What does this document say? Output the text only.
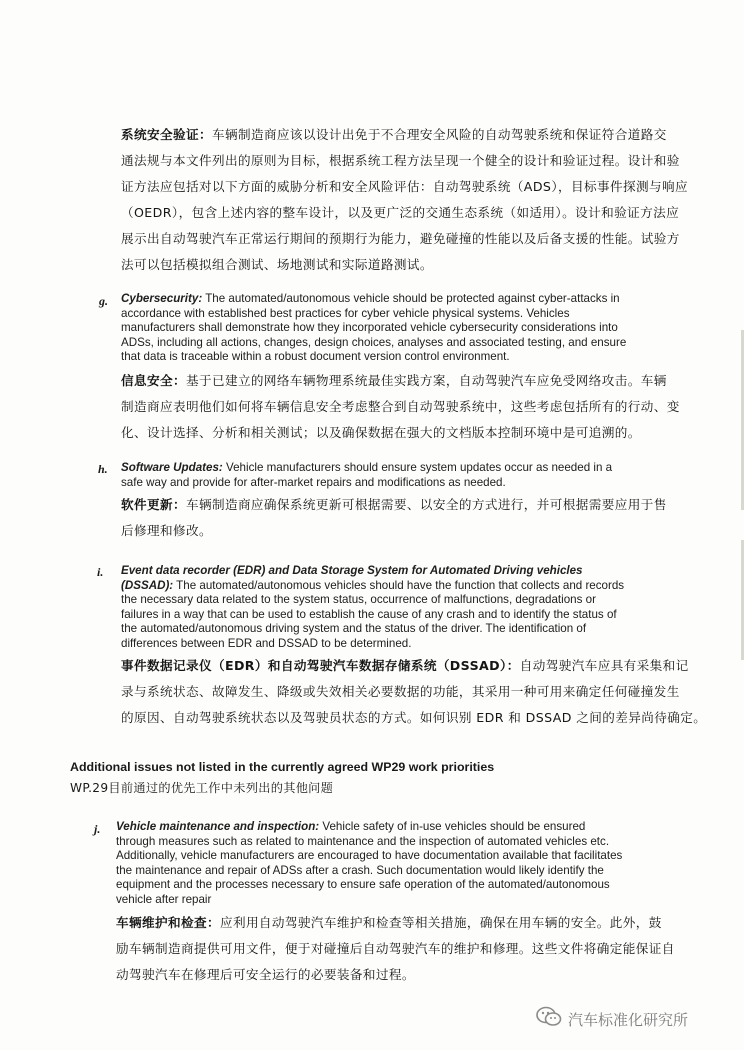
系统安全验证：车辆制造商应该以设计出免于不合理安全风险的自动驾驶系统和保证符合道路交
通法规与本文件列出的原则为目标，根据系统工程方法呈现一个健全的设计和验证过程。设计和验
证方法应包括对以下方面的威胁分析和安全风险评估：自动驾驶系统（ADS），目标事件探测与响应
（OEDR），包含上述内容的整车设计，以及更广泛的交通生态系统（如适用）。设计和验证方法应
展示出自动驾驶汽车正常运行期间的预期行为能力，避免碰撞的性能以及后备支援的性能。试验方
法可以包括模拟组合测试、场地测试和实际道路测试。
g. Cybersecurity: The automated/autonomous vehicle should be protected against cyber-attacks in
accordance with established best practices for cyber vehicle physical systems. Vehicles
manufacturers shall demonstrate how they incorporated vehicle cybersecurity considerations into
ADSs, including all actions, changes, design choices, analyses and associated testing, and ensure
that data is traceable within a robust document version control environment.
信息安全：基于已建立的网络车辆物理系统最佳实践方案，自动驾驶汽车应免受网络攻击。车辆
制造商应表明他们如何将车辆信息安全考虑整合到自动驾驶系统中，这些考虑包括所有的行动、变
化、设计选择、分析和相关测试；以及确保数据在强大的文档版本控制环境中是可追溯的。
h. Software Updates: Vehicle manufacturers should ensure system updates occur as needed in a
safe way and provide for after-market repairs and modifications as needed.
软件更新：车辆制造商应确保系统更新可根据需要、以安全的方式进行，并可根据需要应用于售
后修理和修改。
i. Event data recorder (EDR) and Data Storage System for Automated Driving vehicles
(DSSAD): The automated/autonomous vehicles should have the function that collects and records
the necessary data related to the system status, occurrence of malfunctions, degradations or
failures in a way that can be used to establish the cause of any crash and to identify the status of
the automated/autonomous driving system and the status of the driver. The identification of
differences between EDR and DSSAD to be determined.
事件数据记录仪（EDR）和自动驾驶汽车数据存储系统（DSSAD）：自动驾驶汽车应具有采集和记
录与系统状态、故障发生、降级或失效相关必要数据的功能，其采用一种可用来确定任何碰撞发生
的原因、自动驾驶系统状态以及驾驶员状态的方式。如何识别 EDR 和 DSSAD 之间的差异尚待确定。
Additional issues not listed in the currently agreed WP29 work priorities
WP.29目前通过的优先工作中未列出的其他问题
j. Vehicle maintenance and inspection: Vehicle safety of in-use vehicles should be ensured
through measures such as related to maintenance and the inspection of automated vehicles etc.
Additionally, vehicle manufacturers are encouraged to have documentation available that facilitates
the maintenance and repair of ADSs after a crash. Such documentation would likely identify the
equipment and the processes necessary to ensure safe operation of the automated/autonomous
vehicle after repair
车辆维护和检查：应利用自动驾驶汽车维护和检查等相关措施，确保在用车辆的安全。此外，鼓
励车辆制造商提供可用文件，便于对碰撞后自动驾驶汽车的维护和修理。这些文件将确定能保证自
动驾驶汽车在修理后可安全运行的必要装备和过程。
汽车标准化研究所
